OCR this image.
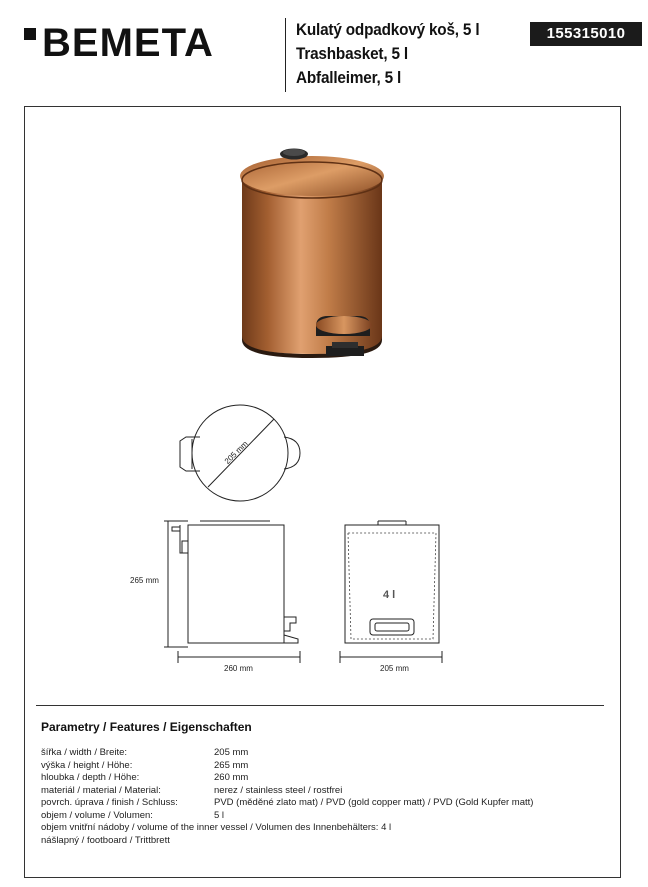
BEMETA	Kulatý odpadkový koš, 5 l
Trashbasket, 5 l
Abfalleimer, 5 l
155315010
205 mm
265 mm
260 mm
4 l
205 mm
Parametry / Features / Eigenschaften
šířka / width / Breite:	205 mm
výška / height / Höhe:	265 mm
hloubka / depth / Höhe:	260 mm
materiál / material / Material:	nerez / stainless steel / rostfrei
povrch. úprava / finish / Schluss:	PVD (měděné zlato mat) / PVD (gold copper matt) / PVD (Gold Kupfer matt)
objem / volume / Volumen:	5 l
objem vnitřní nádoby / volume of the inner vessel / Volumen des Innenbehälters: 4 l
nášlapný / footboard / Trittbrett
